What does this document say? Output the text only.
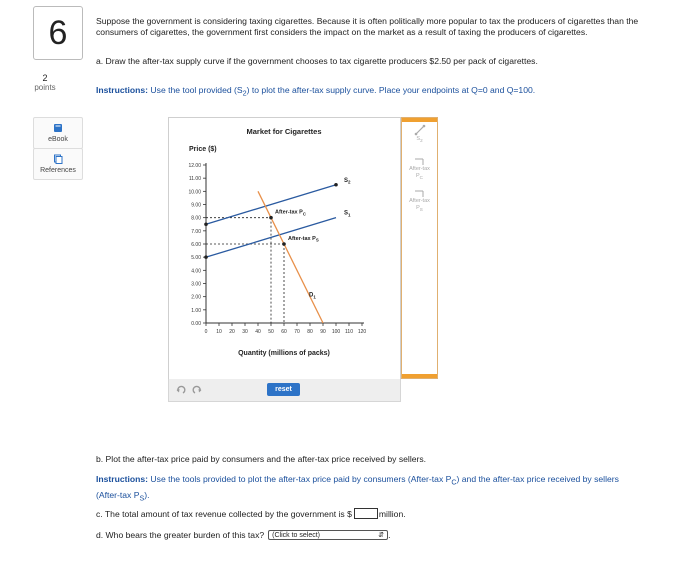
6
2
points
eBook
References
Suppose the government is considering taxing cigarettes. Because it is often politically more popular to tax the producers of cigarettes than the consumers of cigarettes, the government first considers the impact on the market as a result of taxing the producers of cigarettes.
a. Draw the after-tax supply curve if the government chooses to tax cigarette producers $2.50 per pack of cigarettes.
Instructions: Use the tool provided $(S_2)$ to plot the after-tax supply curve. Place your endpoints at Q=0 and Q=100.
Market for Cigarettes
Price ($)
Quantity (millions of packs)
0.00
1.00
2.00
3.00
4.00
5.00
6.00
7.00
8.00
9.00
10.00
11.00
12.00
0 10 20 30 40 50 60 70 80 90 100 110 120
$S_1$
$S_2$
$D_1$
After-tax $P_C$
After-tax $P_S$
reset
$S_2$
After-tax
$P_C$
After-tax
$P_S$
b. Plot the after-tax price paid by consumers and the after-tax price received by sellers.
Instructions: Use the tools provided to plot the after-tax price paid by consumers (After-tax $P_C$) and the after-tax price received by sellers (After-tax $P_S$).
c. The total amount of tax revenue collected by the government is $	million.
d. Who bears the greater burden of this tax? (Click to select)	⇵ .
